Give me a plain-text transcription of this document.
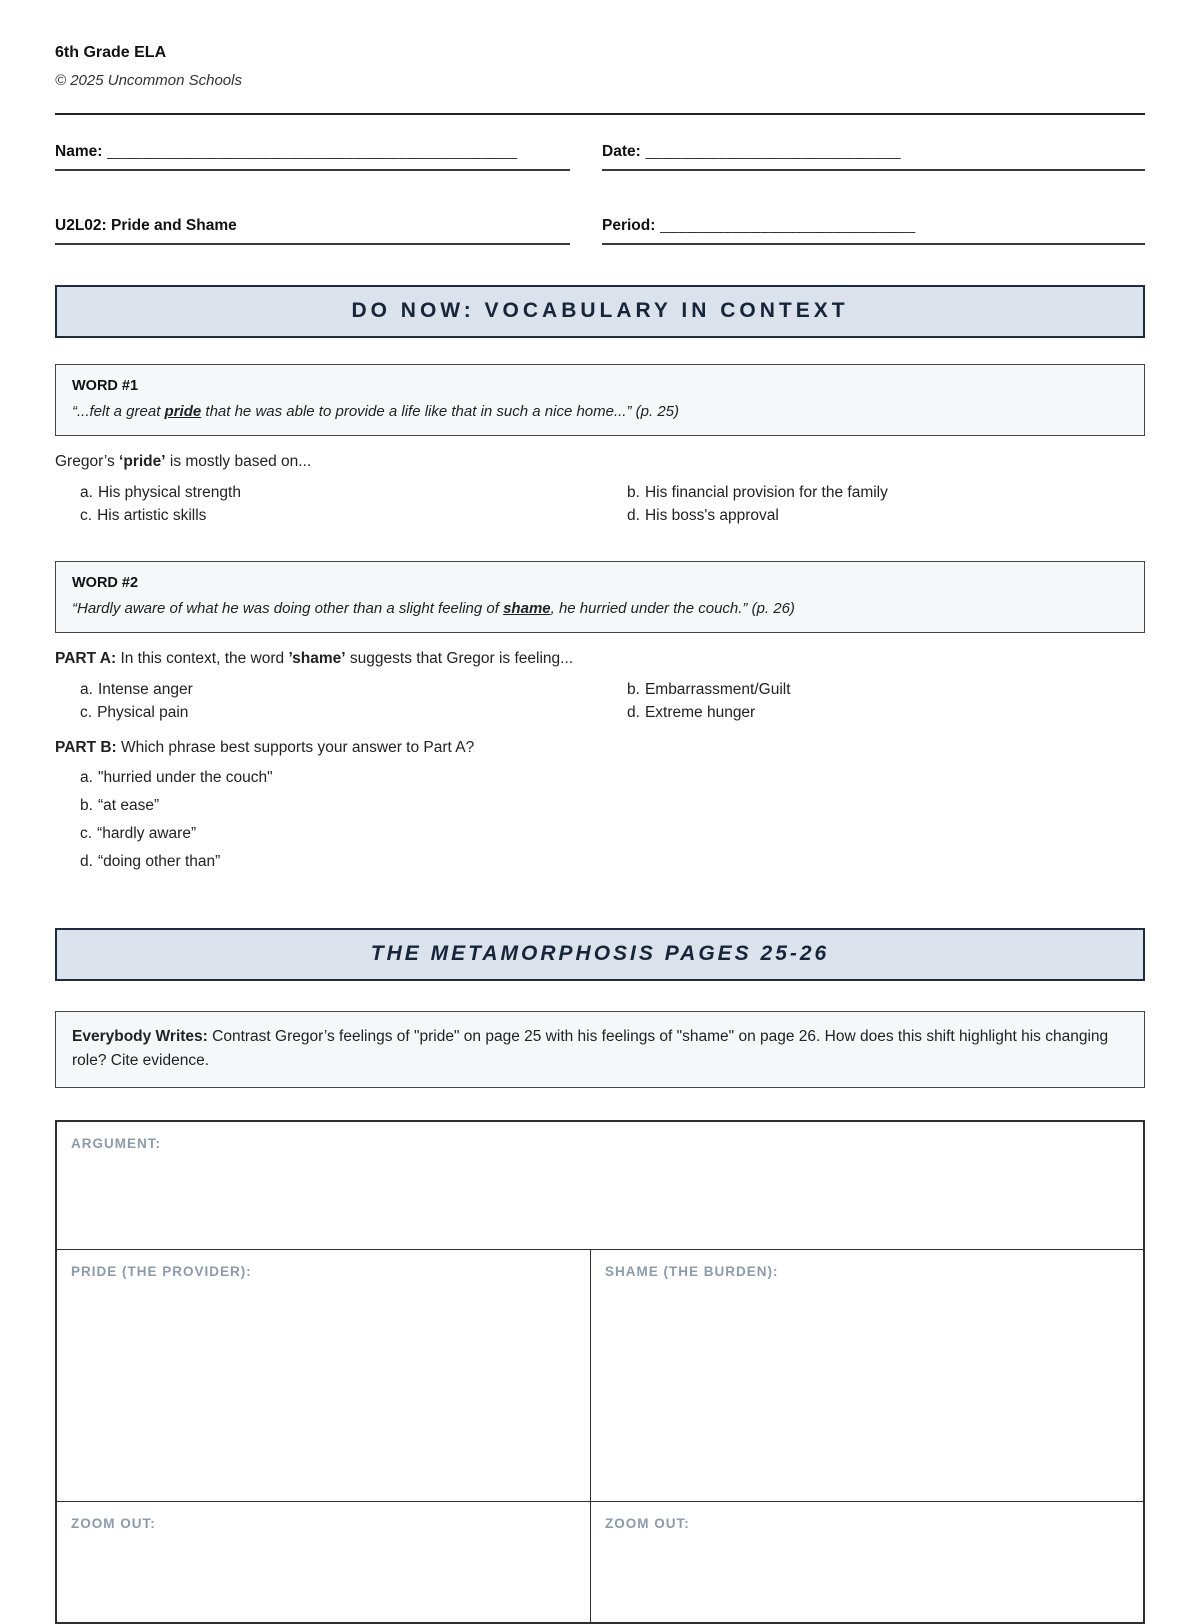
6th Grade ELA
© 2025 Uncommon Schools
Name: _____________________________________________	Date: ____________________________
U2L02: Pride and Shame	Period: ____________________________
DO NOW: VOCABULARY IN CONTEXT
WORD #1
“...felt a great pride that he was able to provide a life like that in such a nice home...” (p. 25)
Gregor’s ‘pride’ is mostly based on...
a. His physical strength	b. His financial provision for the family
c. His artistic skills	d. His boss's approval
WORD #2
“Hardly aware of what he was doing other than a slight feeling of shame, he hurried under the couch.” (p. 26)
PART A: In this context, the word ’shame’ suggests that Gregor is feeling...
a. Intense anger	b. Embarrassment/Guilt
c. Physical pain	d. Extreme hunger
PART B: Which phrase best supports your answer to Part A?
a. "hurried under the couch"
b. “at ease”
c. “hardly aware”
d. “doing other than”
THE METAMORPHOSIS PAGES 25-26
Everybody Writes: Contrast Gregor’s feelings of "pride" on page 25 with his feelings of "shame" on page 26. How does this shift highlight his changing role? Cite evidence.
ARGUMENT:
PRIDE (THE PROVIDER):	SHAME (THE BURDEN):
ZOOM OUT:	ZOOM OUT:
